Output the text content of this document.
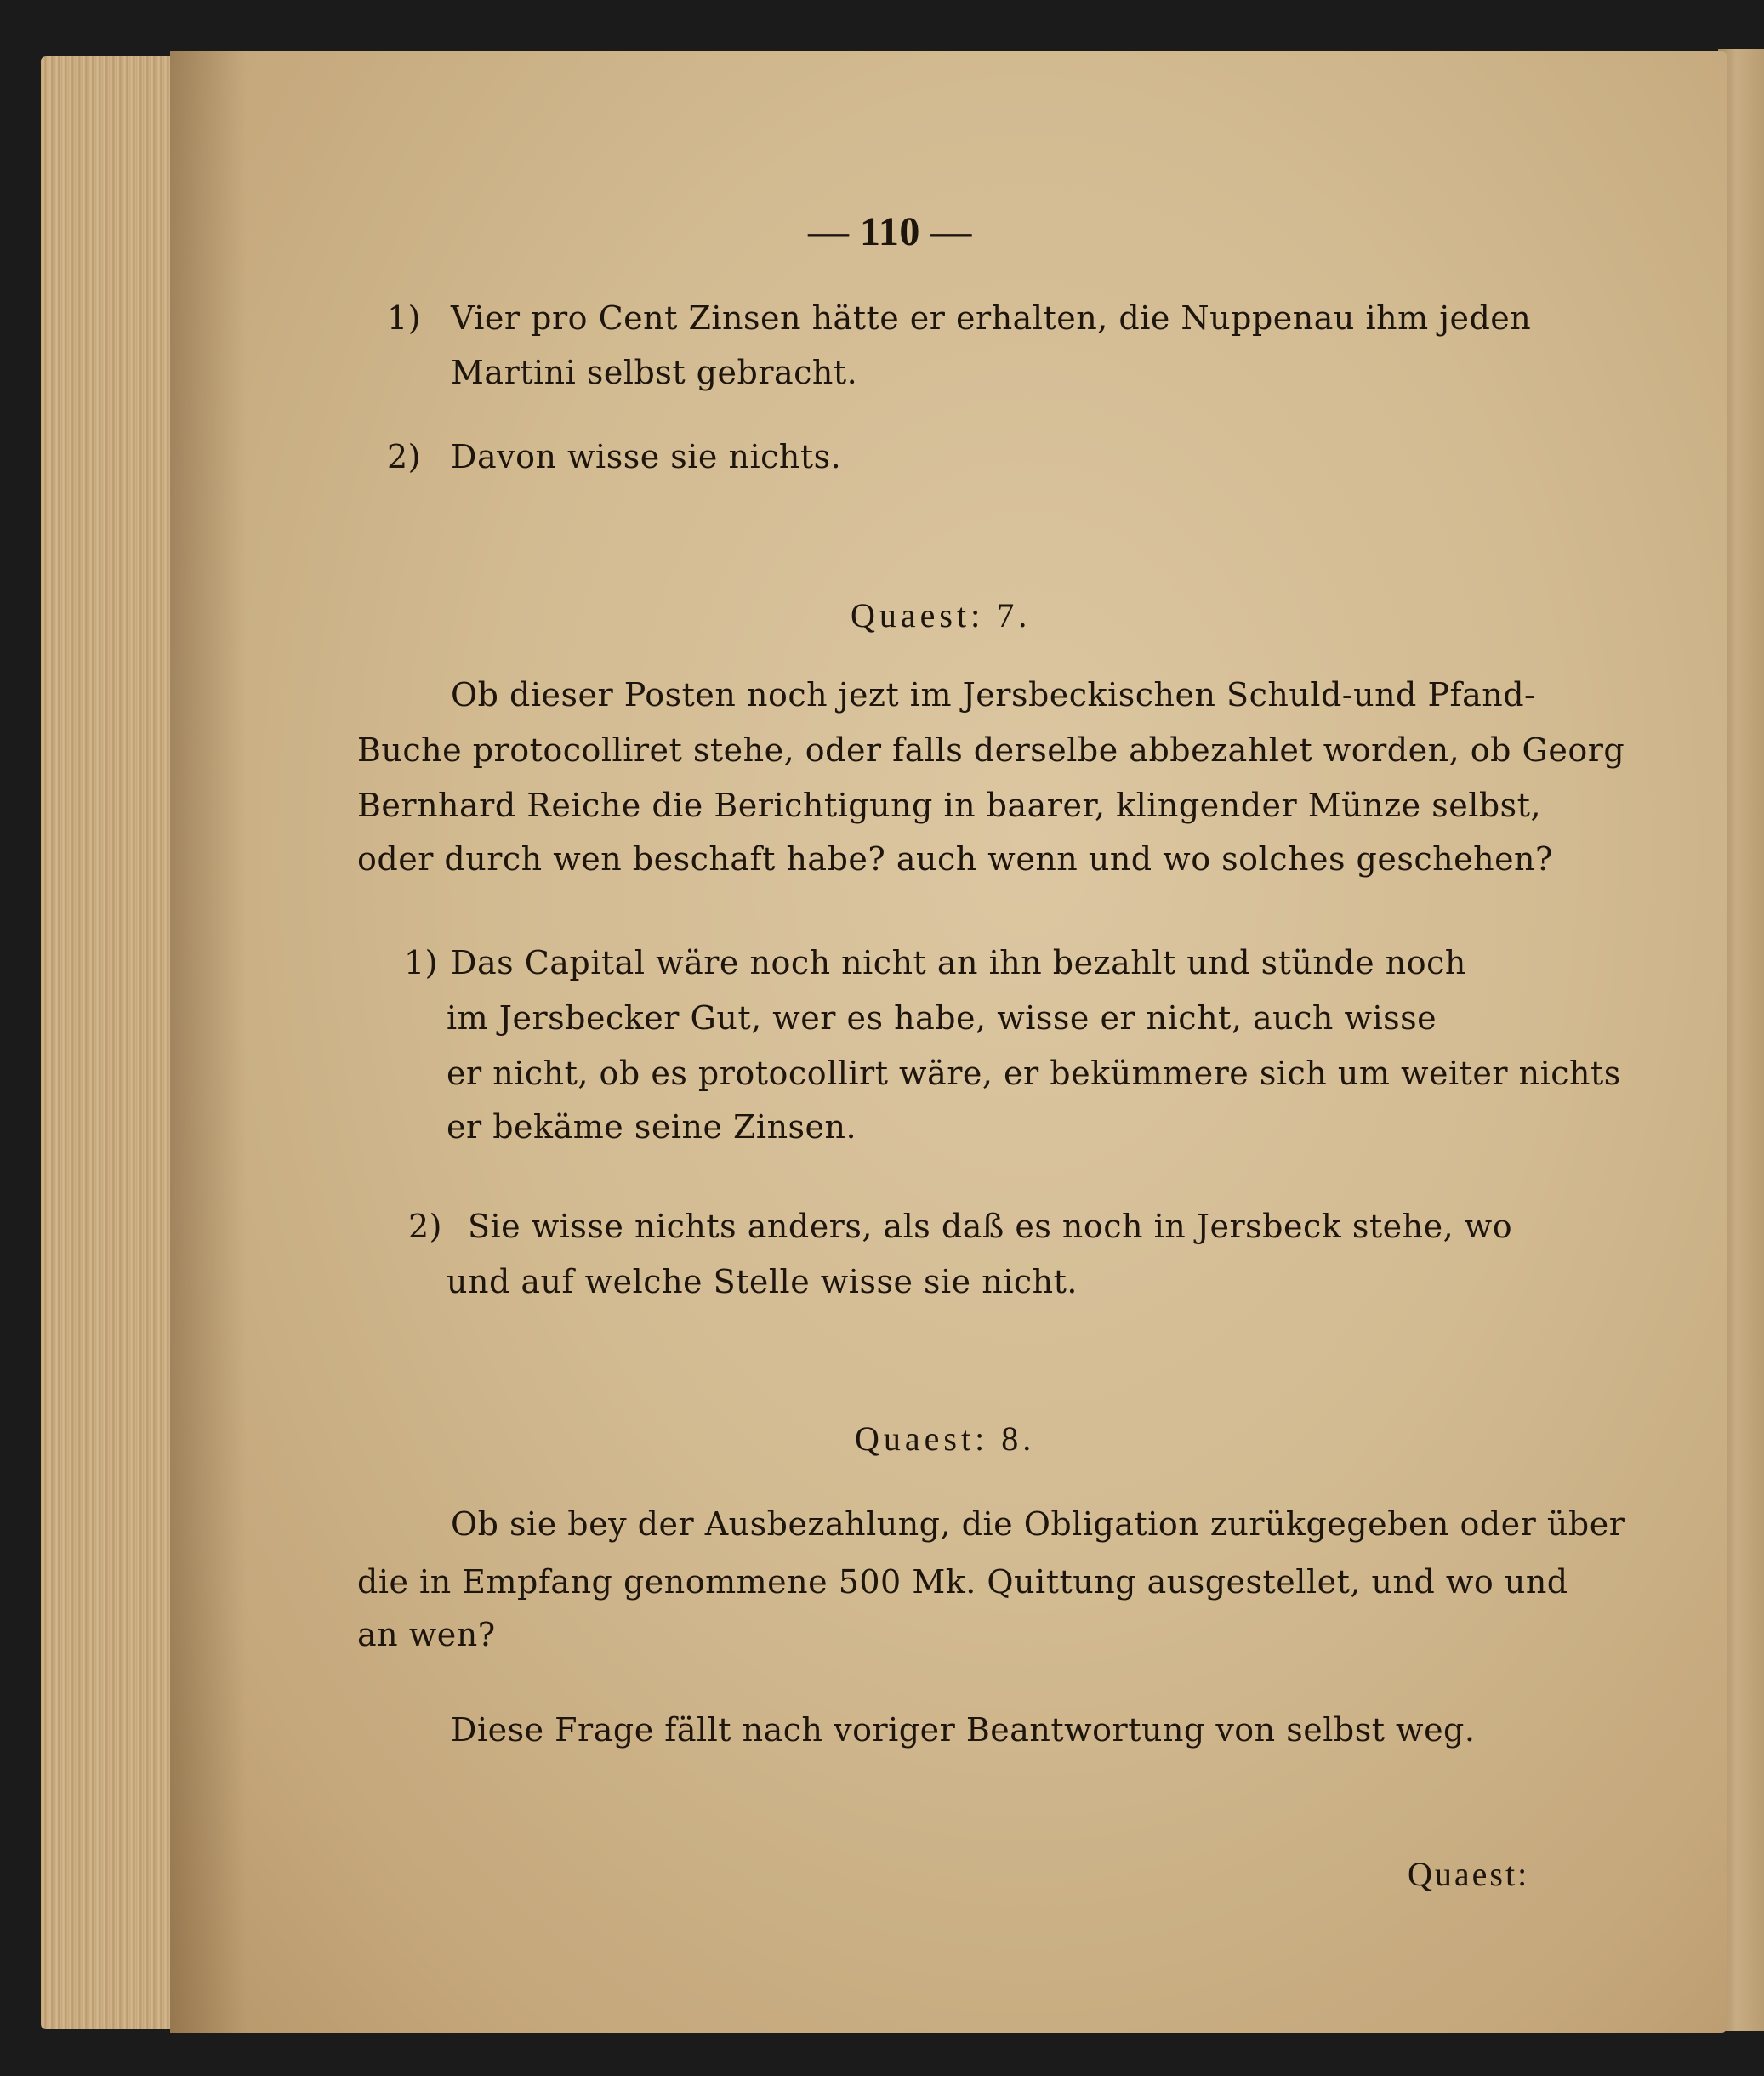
— 110 —
1) Vier pro Cent Zinsen hätte er erhalten, die Nuppenau ihm jeden
Martini selbst gebracht.
2) Davon wisse sie nichts.
Quaest: 7.
Ob dieser Posten noch jezt im Jersbeckischen Schuld-und Pfand-
Buche protocolliret stehe, oder falls derselbe abbezahlet worden, ob Georg
Bernhard Reiche die Berichtigung in baarer, klingender Münze selbst,
oder durch wen beschaft habe? auch wenn und wo solches geschehen?
1) Das Capital wäre noch nicht an ihn bezahlt und stünde noch
im Jersbecker Gut, wer es habe, wisse er nicht, auch wisse
er nicht, ob es protocollirt wäre, er bekümmere sich um weiter nichts
er bekäme seine Zinsen.
2) Sie wisse nichts anders, als daß es noch in Jersbeck stehe, wo
und auf welche Stelle wisse sie nicht.
Quaest: 8.
Ob sie bey der Ausbezahlung, die Obligation zurükgegeben oder über
die in Empfang genommene 500 Mk. Quittung ausgestellet, und wo und
an wen?
Diese Frage fällt nach voriger Beantwortung von selbst weg.
Quaest:
